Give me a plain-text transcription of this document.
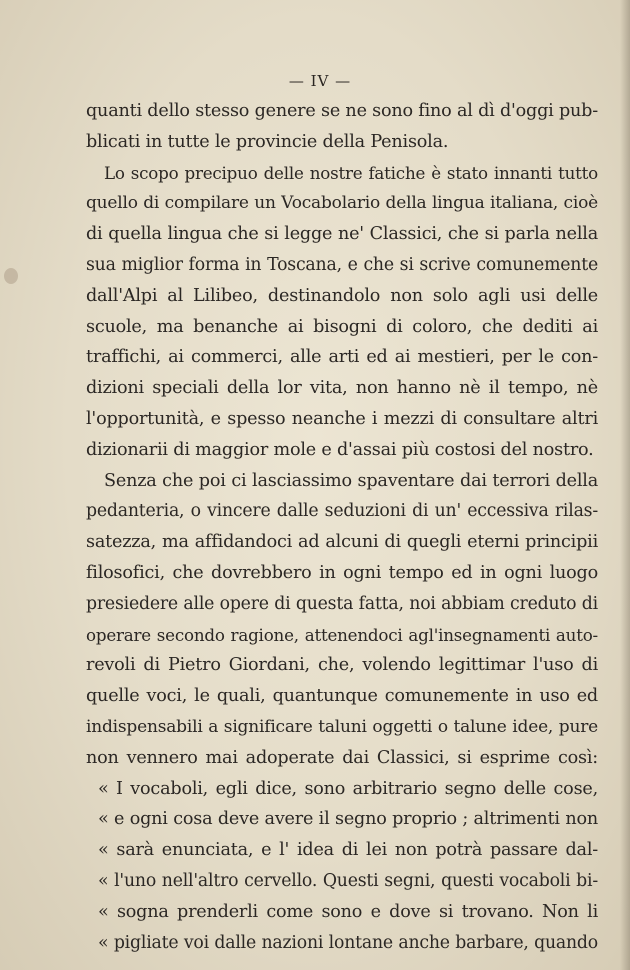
— IV —
quanti dello stesso genere se ne sono fino al dì d'oggi pub-
blicati in tutte le provincie della Penisola.
Lo scopo precipuo delle nostre fatiche è stato innanti tutto
quello di compilare un Vocabolario della lingua italiana, cioè
di quella lingua che si legge ne' Classici, che si parla nella
sua miglior forma in Toscana, e che si scrive comunemente
dall'Alpi al Lilibeo, destinandolo non solo agli usi delle
scuole, ma benanche ai bisogni di coloro, che dediti ai
traffichi, ai commerci, alle arti ed ai mestieri, per le con-
dizioni speciali della lor vita, non hanno nè il tempo, nè
l'opportunità, e spesso neanche i mezzi di consultare altri
dizionarii di maggior mole e d'assai più costosi del nostro.
Senza che poi ci lasciassimo spaventare dai terrori della
pedanteria, o vincere dalle seduzioni di un' eccessiva rilas-
satezza, ma affidandoci ad alcuni di quegli eterni principii
filosofici, che dovrebbero in ogni tempo ed in ogni luogo
presiedere alle opere di questa fatta, noi abbiam creduto di
operare secondo ragione, attenendoci agl'insegnamenti auto-
revoli di Pietro Giordani, che, volendo legittimar l'uso di
quelle voci, le quali, quantunque comunemente in uso ed
indispensabili a significare taluni oggetti o talune idee, pure
non vennero mai adoperate dai Classici, si esprime così:
« I vocaboli, egli dice, sono arbitrario segno delle cose,
« e ogni cosa deve avere il segno proprio ; altrimenti non
« sarà enunciata, e l' idea di lei non potrà passare dal-
« l'uno nell'altro cervello. Questi segni, questi vocaboli bi-
« sogna prenderli come sono e dove si trovano. Non li
« pigliate voi dalle nazioni lontane anche barbare, quando
